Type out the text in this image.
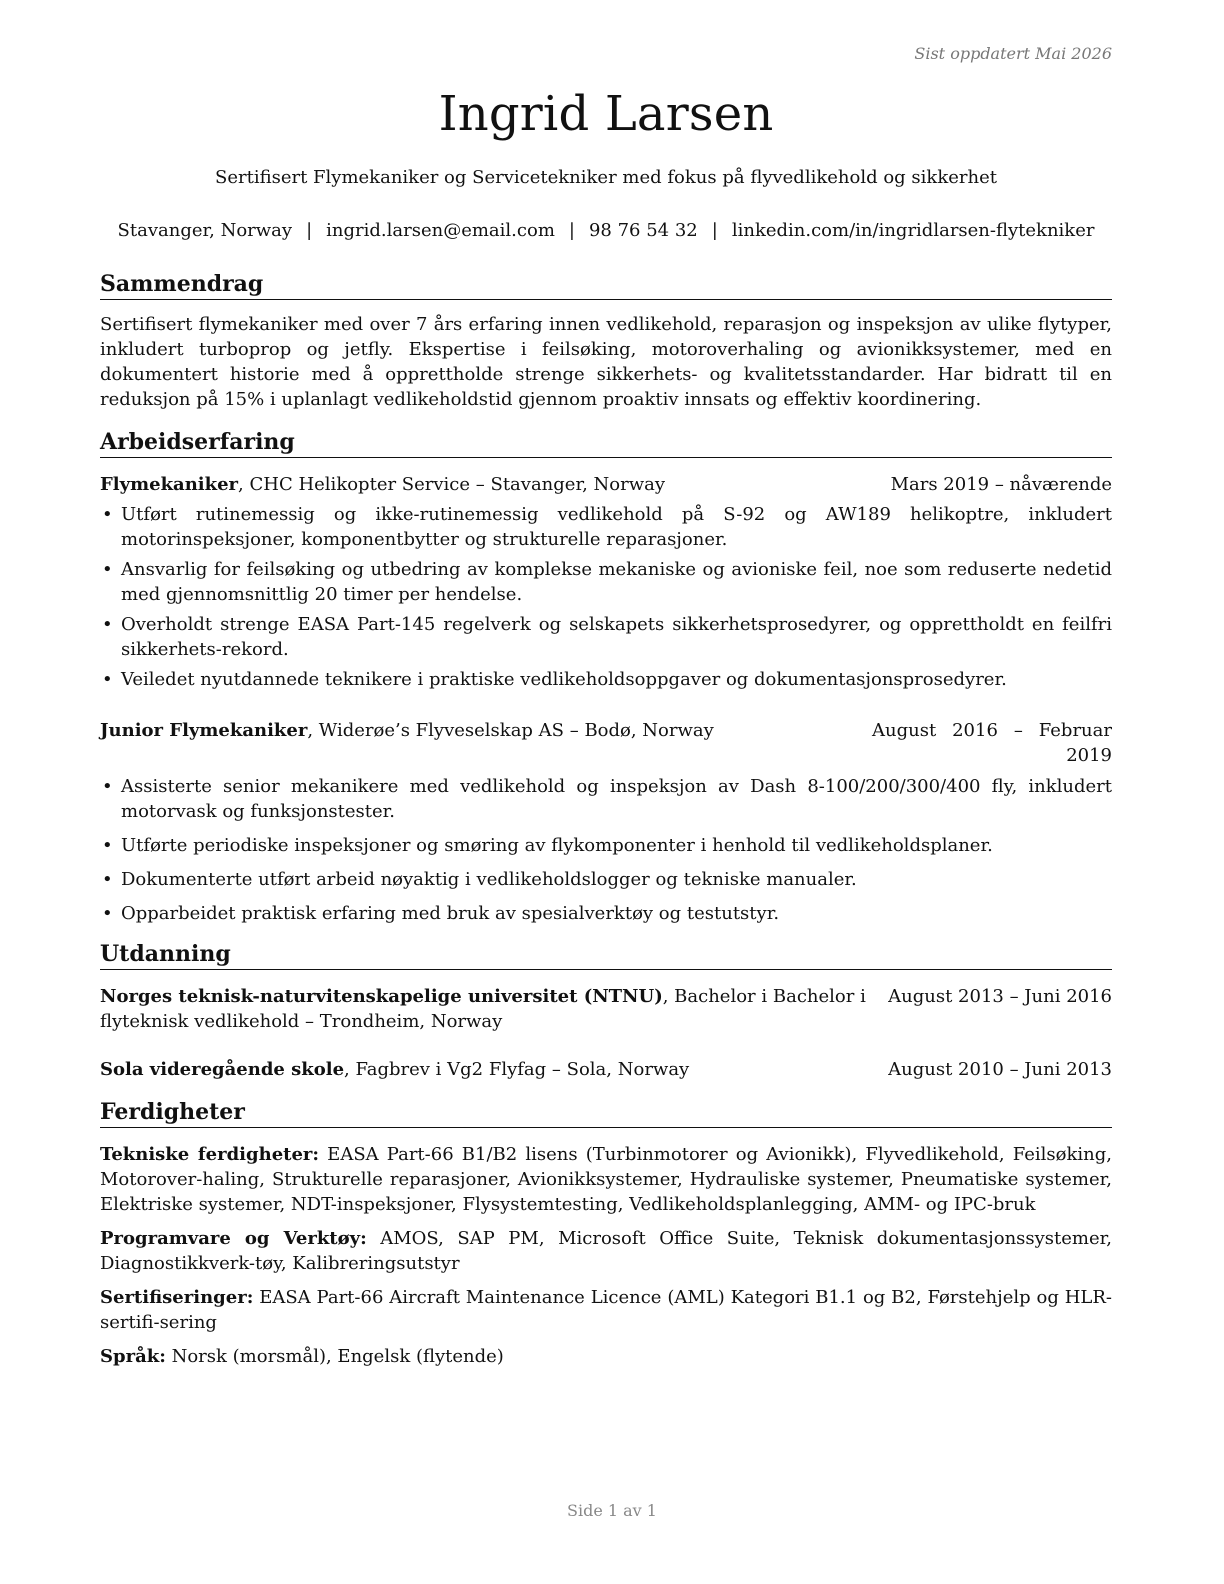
Sist oppdatert Mai 2026
Ingrid Larsen
Sertifisert Flymekaniker og Servicetekniker med fokus på flyvedlikehold og sikkerhet
Stavanger, Norway | ingrid.larsen@email.com | 98 76 54 32 | linkedin.com/in/ingridlarsen-flytekniker
Sammendrag

Sertifisert flymekaniker med over 7 års erfaring innen vedlikehold, reparasjon og inspeksjon av ulike flytyper, inkludert turboprop og jetfly. Ekspertise i feilsøking, motoroverhaling og avionikksystemer, med en dokumentert historie med å opprettholde strenge sikkerhets- og kvalitetsstandarder. Har bidratt til en reduksjon på 15% i uplanlagt vedlikeholdstid gjennom proaktiv innsats og effektiv koordinering.

Arbeidserfaring
Flymekaniker, CHC Helikopter Service – Stavanger, Norway	Mars 2019 – nåværende
• Utført rutinemessig og ikke-rutinemessig vedlikehold på S-92 og AW189 helikoptre, inkludert motorinspeksjoner, komponentbytter og strukturelle reparasjoner.
• Ansvarlig for feilsøking og utbedring av komplekse mekaniske og avioniske feil, noe som reduserte nedetid med gjennomsnittlig 20 timer per hendelse.
• Overholdt strenge EASA Part-145 regelverk og selskapets sikkerhetsprosedyrer, og opprettholdt en feilfri sikkerhets-rekord.
• Veiledet nyutdannede teknikere i praktiske vedlikeholdsoppgaver og dokumentasjonsprosedyrer.
Junior Flymekaniker, Widerøe’s Flyveselskap AS – Bodø, Norway	August 2016 – Februar 2019
• Assisterte senior mekanikere med vedlikehold og inspeksjon av Dash 8-100/200/300/400 fly, inkludert motorvask og funksjonstester.
• Utførte periodiske inspeksjoner og smøring av flykomponenter i henhold til vedlikeholdsplaner.
• Dokumenterte utført arbeid nøyaktig i vedlikeholdslogger og tekniske manualer.
• Opparbeidet praktisk erfaring med bruk av spesialverktøy og testutstyr.
Utdanning
Norges teknisk-naturvitenskapelige universitet (NTNU), Bachelor i Bachelor i flyteknisk vedlikehold – Trondheim, Norway
August 2013 – Juni 2016
Sola videregående skole, Fagbrev i Vg2 Flyfag – Sola, Norway	August 2010 – Juni 2013
Ferdigheter
Tekniske ferdigheter: EASA Part-66 B1/B2 lisens (Turbinmotorer og Avionikk), Flyvedlikehold, Feilsøking, Motorover-haling, Strukturelle reparasjoner, Avionikksystemer, Hydrauliske systemer, Pneumatiske systemer, Elektriske systemer, NDT-inspeksjoner, Flysystemtesting, Vedlikeholdsplanlegging, AMM- og IPC-bruk
Programvare og Verktøy: AMOS, SAP PM, Microsoft Office Suite, Teknisk dokumentasjonssystemer, Diagnostikkverk-tøy, Kalibreringsutstyr
Sertifiseringer: EASA Part-66 Aircraft Maintenance Licence (AML) Kategori B1.1 og B2, Førstehjelp og HLR-sertifi-sering
Språk: Norsk (morsmål), Engelsk (flytende)
Side 1 av 1
